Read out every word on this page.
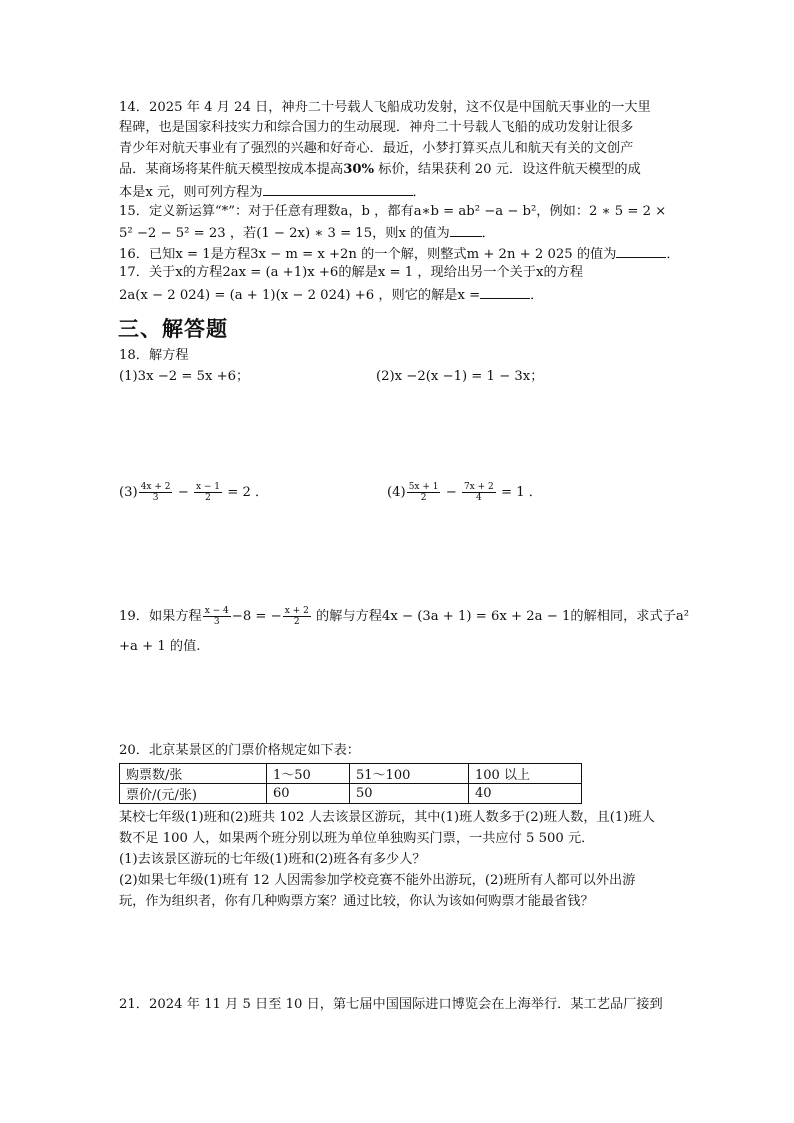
14．2025 年 4 月 24 日，神舟二十号载人飞船成功发射，这不仅是中国航天事业的一大里
程碑，也是国家科技实力和综合国力的生动展现．神舟二十号载人飞船的成功发射让很多
青少年对航天事业有了强烈的兴趣和好奇心．最近，小梦打算买点儿和航天有关的文创产
品．某商场将某件航天模型按成本提高30% 标价，结果获利 20 元．设这件航天模型的成
本是x 元，则可列方程为	．
15．定义新运算“*”：对于任意有理数a，b ，都有a∗b = ab² −a − b²，例如：2 ∗ 5 = 2 ×
5² −2 − 5² = 23 ，若(1 − 2x) ∗ 3 = 15，则x 的值为 ．
16．已知x = 1是方程3x − m = x +2n 的一个解，则整式m + 2n + 2 025 的值为	．
17．关于x的方程2ax = (a +1)x +6的解是x = 1 ，现给出另一个关于x的方程
2a(x − 2 024) = (a + 1)(x − 2 024) +6 ，则它的解是x =	．
三、解答题
18．解方程
(1)3x −2 = 5x +6；	(2)x −2(x −1) = 1 − 3x；
$(3) \frac{4x + 2}{3} - \frac{x - 1}{2} = 2$ ．	$(4) \frac{5x + 1}{2} - \frac{7x + 2}{4} = 1$ ．
19．如果方程 $\frac{x - 4}{3} -8$ = − $\frac{x + 2}{2}$ 的解与方程4x − (3a + 1) = 6x + 2a − 1的解相同，求式子a²
+a + 1 的值.
20．北京某景区的门票价格规定如下表：
购票数/张	1～50	51～100	100 以上
票价/(元/张)	60	50	40
某校七年级(1)班和(2)班共 102 人去该景区游玩，其中(1)班人数多于(2)班人数，且(1)班人
数不足 100 人，如果两个班分别以班为单位单独购买门票，一共应付 5 500 元．
(1)去该景区游玩的七年级(1)班和(2)班各有多少人？
(2)如果七年级(1)班有 12 人因需参加学校竞赛不能外出游玩，(2)班所有人都可以外出游
玩，作为组织者，你有几种购票方案？通过比较，你认为该如何购票才能最省钱？
21．2024 年 11 月 5 日至 10 日，第七届中国国际进口博览会在上海举行．某工艺品厂接到
